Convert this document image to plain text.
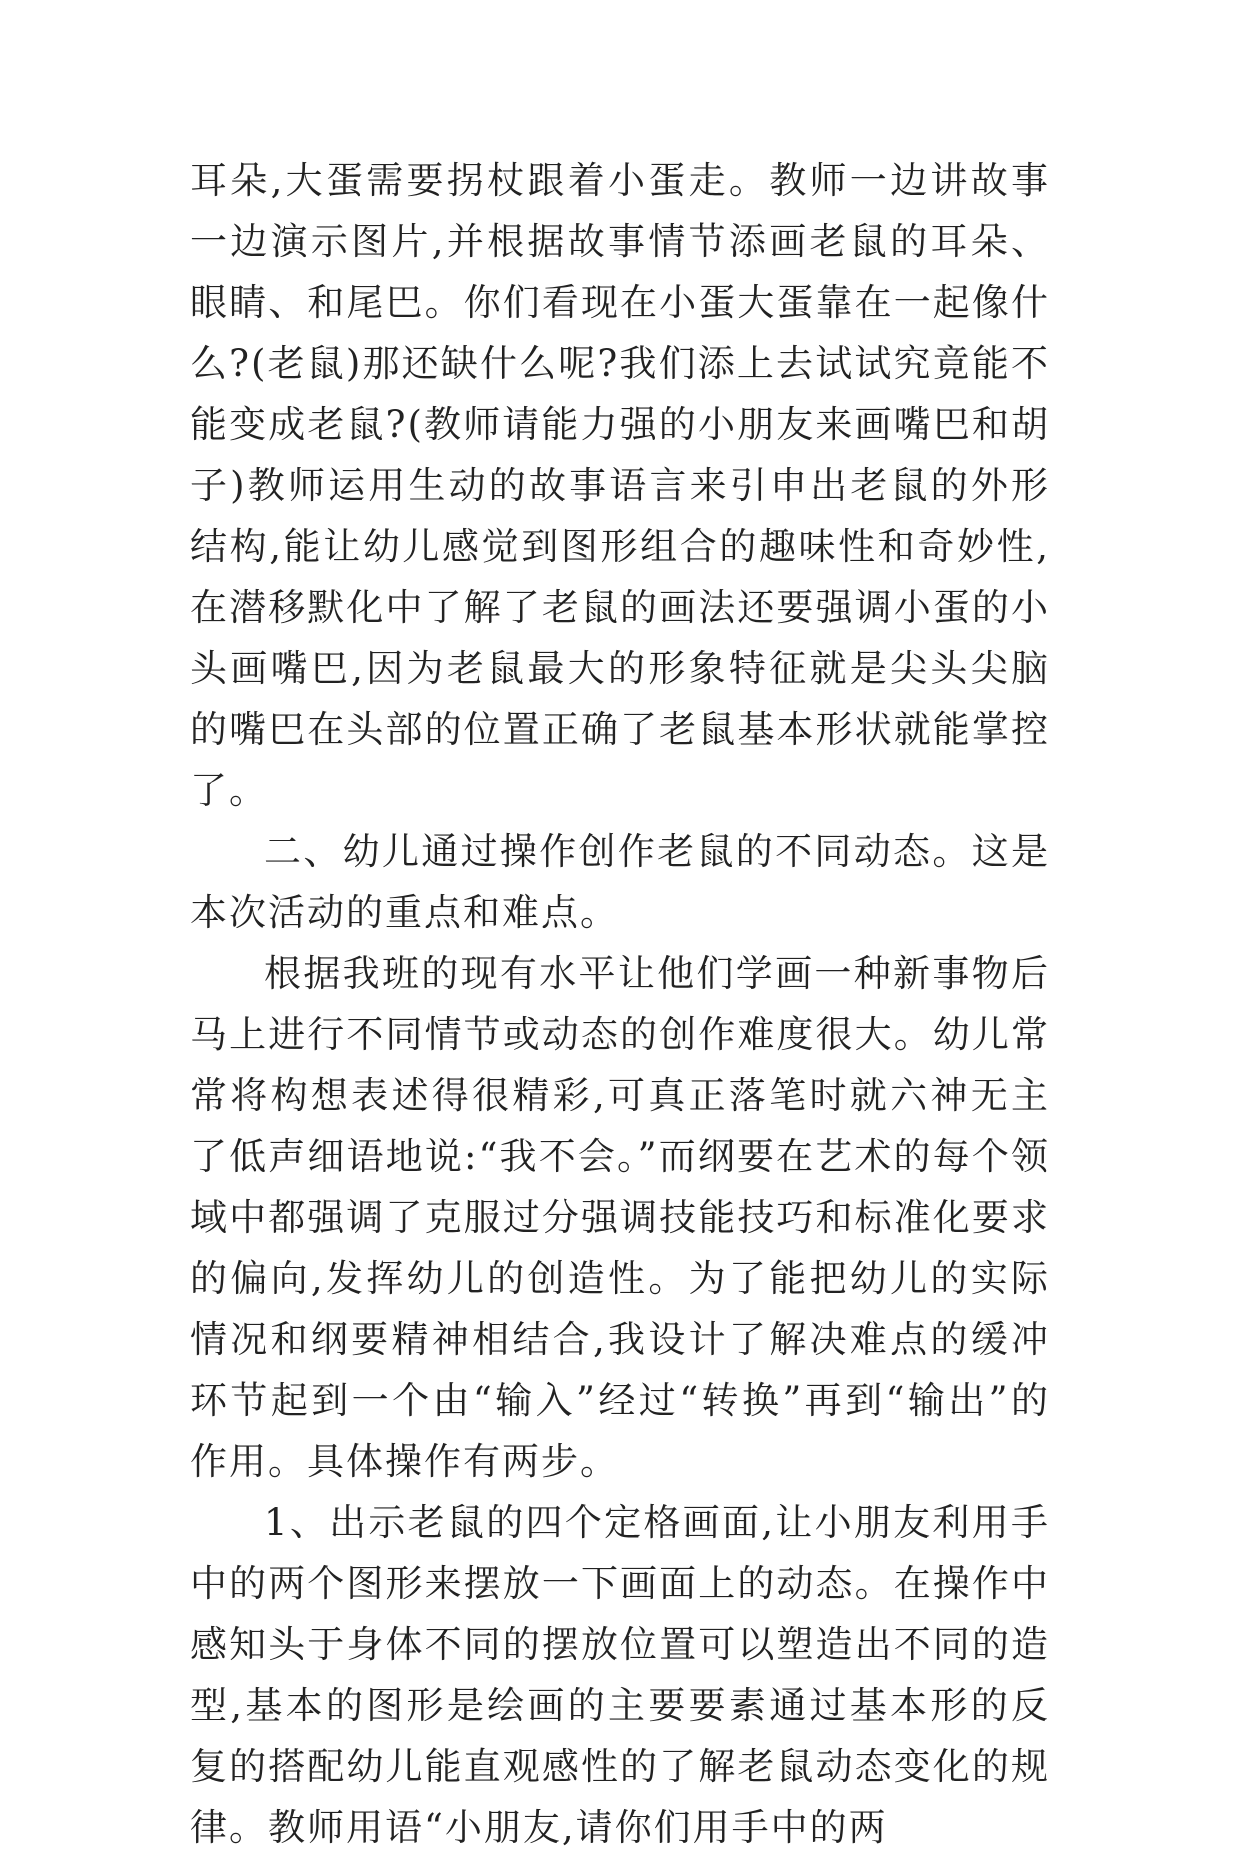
耳朵,大蛋需要拐杖跟着小蛋走。教师一边讲故事一边演示图片,并根据故事情节添画老鼠的耳朵、眼睛、和尾巴。你们看现在小蛋大蛋靠在一起像什么?(老鼠)那还缺什么呢?我们添上去试试究竟能不能变成老鼠?(教师请能力强的小朋友来画嘴巴和胡子)教师运用生动的故事语言来引申出老鼠的外形结构,能让幼儿感觉到图形组合的趣味性和奇妙性,在潜移默化中了解了老鼠的画法还要强调小蛋的小头画嘴巴,因为老鼠最大的形象特征就是尖头尖脑的嘴巴在头部的位置正确了老鼠基本形状就能掌控了。

二、幼儿通过操作创作老鼠的不同动态。这是本次活动的重点和难点。

根据我班的现有水平让他们学画一种新事物后马上进行不同情节或动态的创作难度很大。幼儿常常将构想表述得很精彩,可真正落笔时就六神无主了低声细语地说:“我不会。”而纲要在艺术的每个领域中都强调了克服过分强调技能技巧和标准化要求的偏向,发挥幼儿的创造性。为了能把幼儿的实际情况和纲要精神相结合,我设计了解决难点的缓冲环节起到一个由“输入”经过“转换”再到“输出”的作用。具体操作有两步。

1、出示老鼠的四个定格画面,让小朋友利用手中的两个图形来摆放一下画面上的动态。在操作中感知头于身体不同的摆放位置可以塑造出不同的造型,基本的图形是绘画的主要要素通过基本形的反复的搭配幼儿能直观感性的了解老鼠动态变化的规律。教师用语“小朋友,请你们用手中的两
